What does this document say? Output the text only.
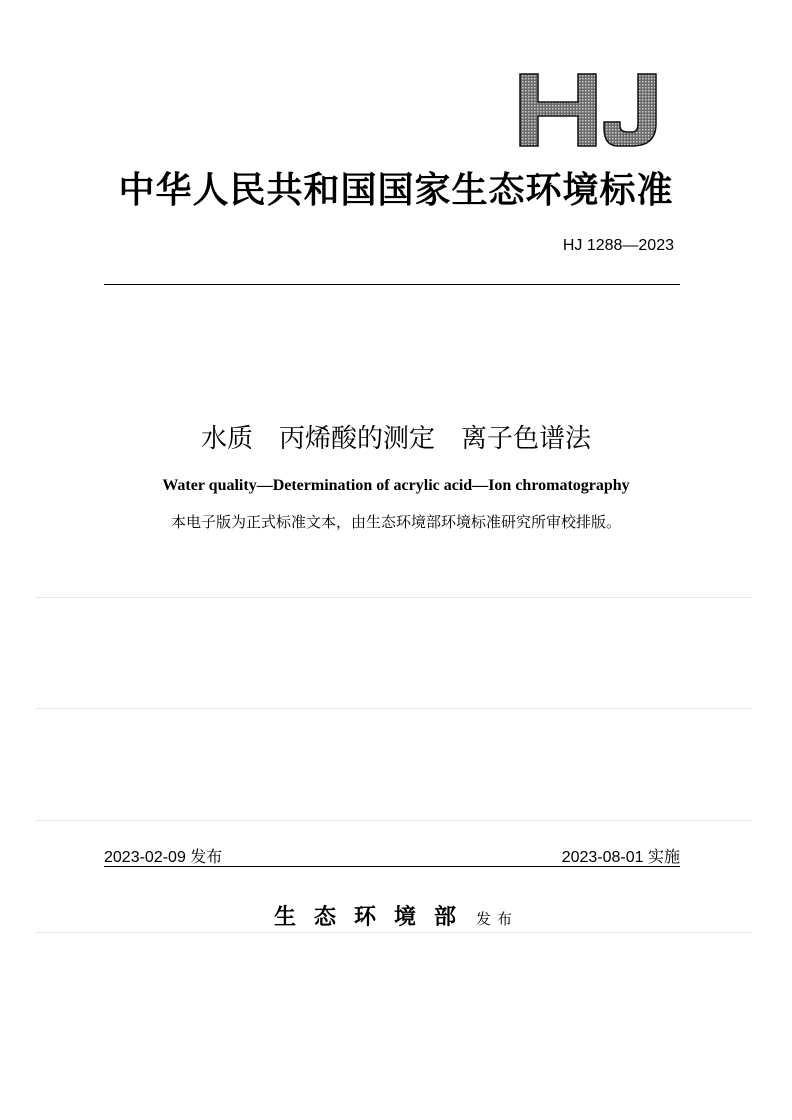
中华人民共和国国家生态环境标准
HJ 1288—2023
水质　丙烯酸的测定　离子色谱法
Water quality—Determination of acrylic acid—Ion chromatography
本电子版为正式标准文本，由生态环境部环境标准研究所审校排版。
2023-02-09 发布	2023-08-01 实施
生态环境部 发布
